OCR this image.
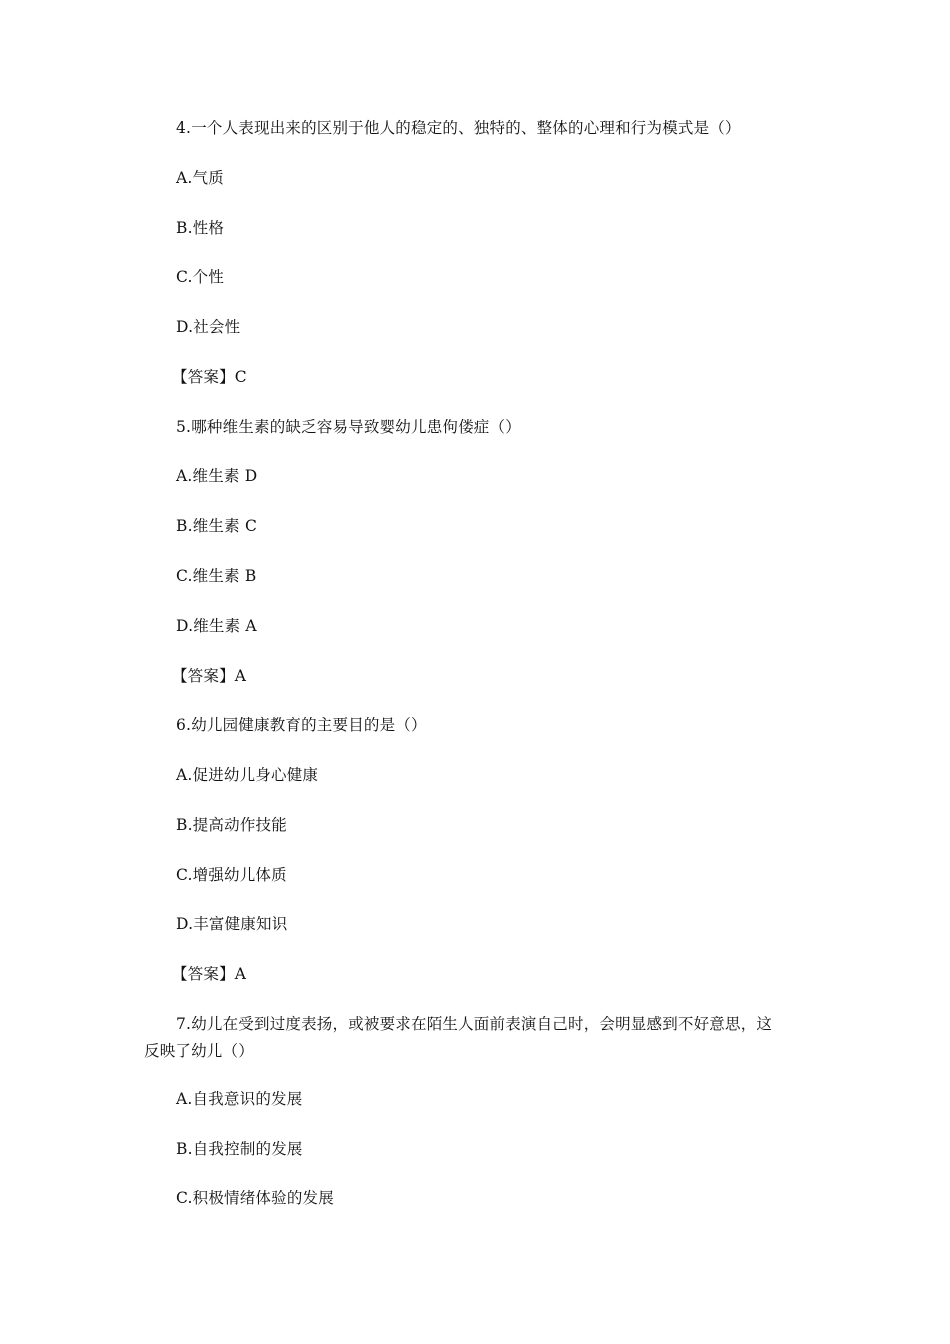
4.一个人表现出来的区别于他人的稳定的、独特的、整体的心理和行为模式是（）
A.气质
B.性格
C.个性
D.社会性
【答案】C
5.哪种维生素的缺乏容易导致婴幼儿患佝偻症（）
A.维生素 D
B.维生素 C
C.维生素 B
D.维生素 A
【答案】A
6.幼儿园健康教育的主要目的是（）
A.促进幼儿身心健康
B.提高动作技能
C.增强幼儿体质
D.丰富健康知识
【答案】A
7.幼儿在受到过度表扬，或被要求在陌生人面前表演自己时，会明显感到不好意思，这
反映了幼儿（）
A.自我意识的发展
B.自我控制的发展
C.积极情绪体验的发展
